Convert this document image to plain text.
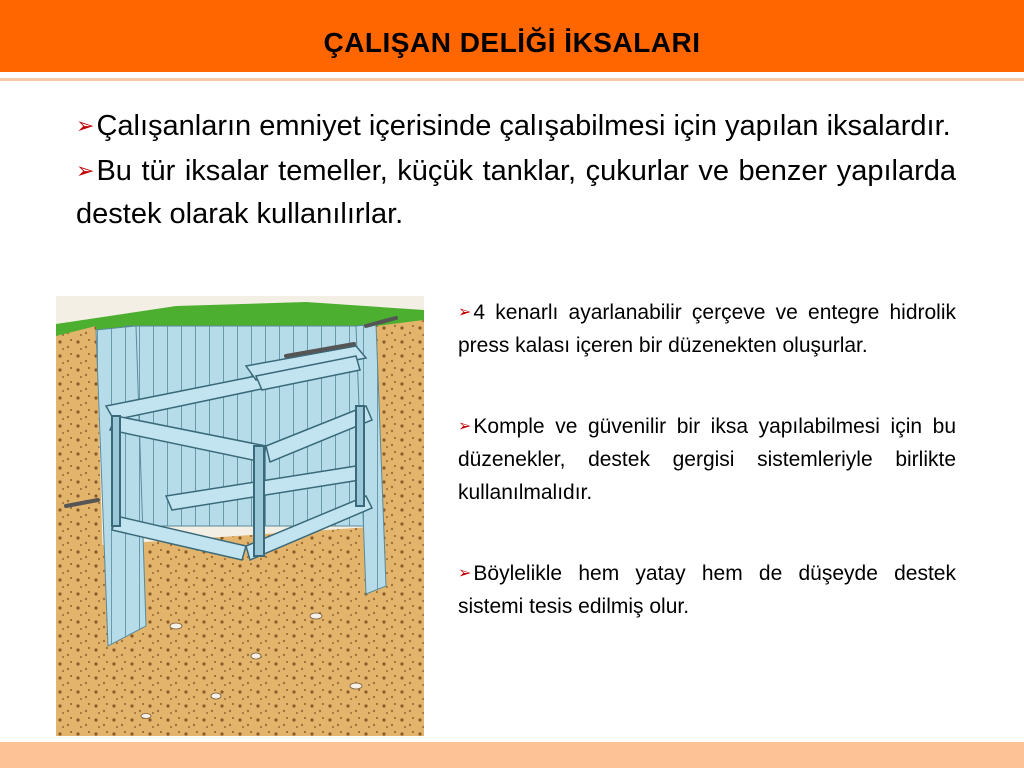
ÇALIŞAN DELİĞİ İKSALARI

➢Çalışanların emniyet içerisinde çalışabilmesi için yapılan iksalardır.

➢Bu tür iksalar temeller, küçük tanklar, çukurlar ve benzer yapılarda destek olarak kullanılırlar.

➢4 kenarlı ayarlanabilir çerçeve ve entegre hidrolik press kalası içeren bir düzenekten oluşurlar.

➢Komple ve güvenilir bir iksa yapılabilmesi için bu düzenekler, destek gergisi sistemleriyle birlikte kullanılmalıdır.

➢Böylelikle hem yatay hem de düşeyde destek sistemi tesis edilmiş olur.
